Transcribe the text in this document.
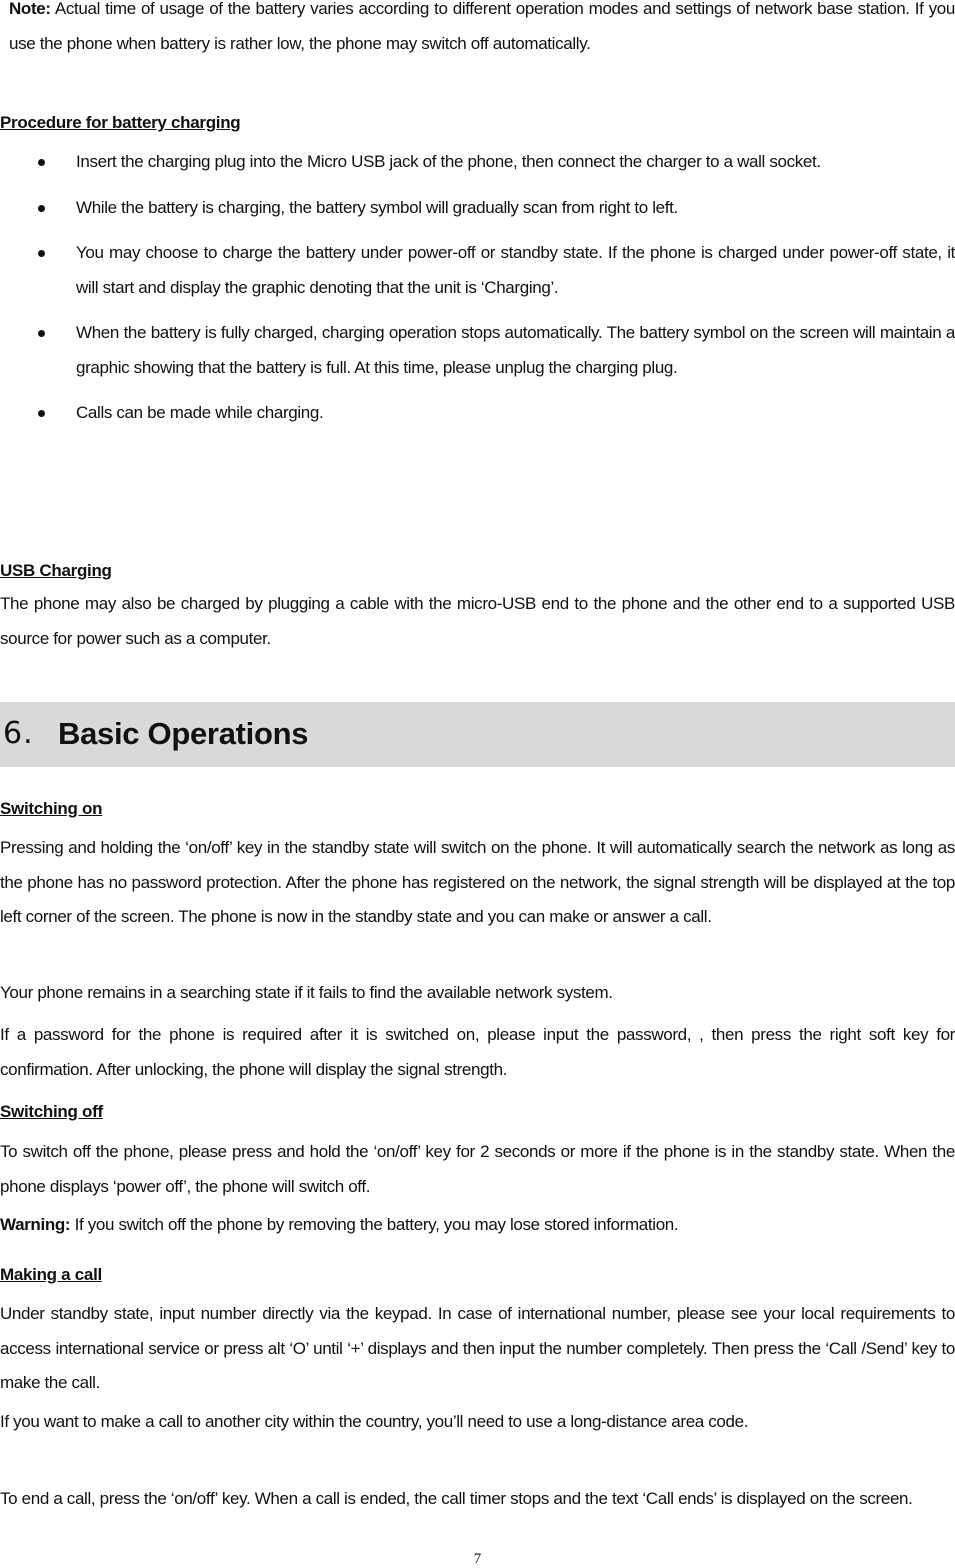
Note: Actual time of usage of the battery varies according to different operation modes and settings of network base station. If you use the phone when battery is rather low, the phone may switch off automatically.

Procedure for battery charging
Insert the charging plug into the Micro USB jack of the phone, then connect the charger to a wall socket.
While the battery is charging, the battery symbol will gradually scan from right to left.
You may choose to charge the battery under power-off or standby state. If the phone is charged under power-off state, it will start and display the graphic denoting that the unit is ‘Charging’.
When the battery is fully charged, charging operation stops automatically. The battery symbol on the screen will maintain a graphic showing that the battery is full. At this time, please unplug the charging plug.
Calls can be made while charging.
USB Charging

The phone may also be charged by plugging a cable with the micro-USB end to the phone and the other end to a supported USB source for power such as a computer.

6. Basic Operations
Switching on

Pressing and holding the ‘on/off’ key in the standby state will switch on the phone. It will automatically search the network as long as the phone has no password protection. After the phone has registered on the network, the signal strength will be displayed at the top left corner of the screen. The phone is now in the standby state and you can make or answer a call.

Your phone remains in a searching state if it fails to find the available network system.

If a password for the phone is required after it is switched on, please input the password, , then press the right soft key for confirmation. After unlocking, the phone will display the signal strength.

Switching off

To switch off the phone, please press and hold the ‘on/off’ key for 2 seconds or more if the phone is in the standby state. When the phone displays ‘power off’, the phone will switch off.

Warning: If you switch off the phone by removing the battery, you may lose stored information.

Making a call

Under standby state, input number directly via the keypad. In case of international number, please see your local requirements to access international service or press alt ‘O’ until ‘+’ displays and then input the number completely. Then press the ‘Call /Send’ key to make the call.

If you want to make a call to another city within the country, you’ll need to use a long-distance area code.

To end a call, press the ‘on/off’ key. When a call is ended, the call timer stops and the text ‘Call ends’ is displayed on the screen.

7
